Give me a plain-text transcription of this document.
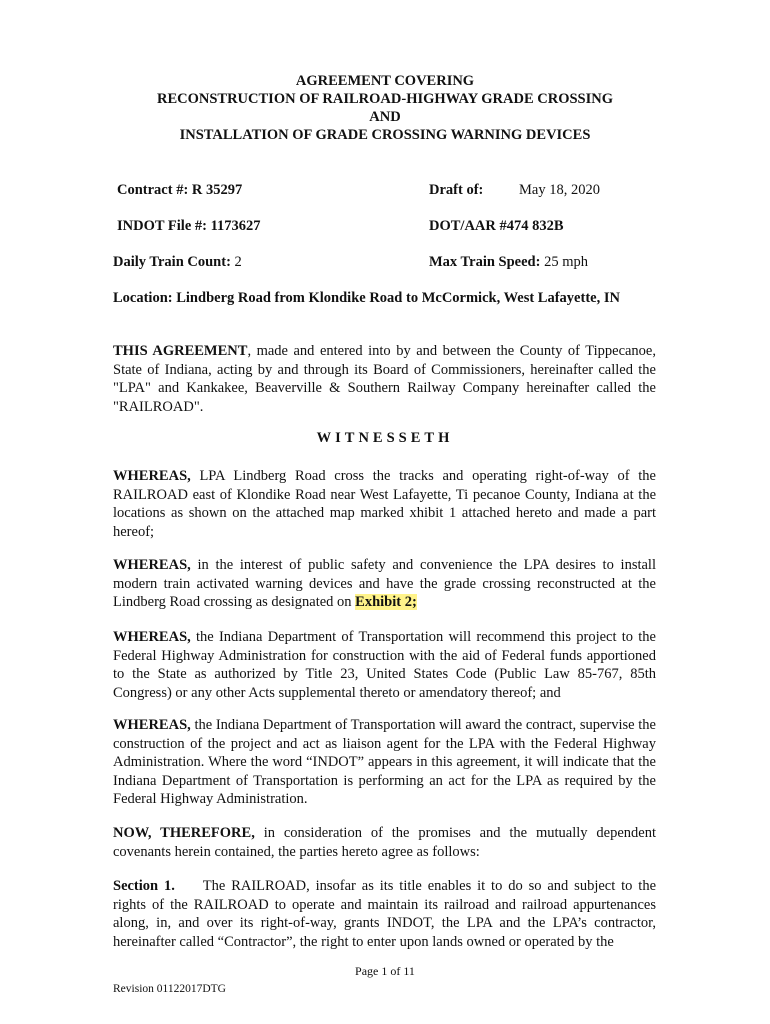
AGREEMENT COVERING
RECONSTRUCTION OF RAILROAD-HIGHWAY GRADE CROSSING
AND
INSTALLATION OF GRADE CROSSING WARNING DEVICES
Contract #: R 35297	Draft of: May 18, 2020
INDOT File #: 1173627	DOT/AAR #474 832B
Daily Train Count: 2	Max Train Speed: 25 mph
Location: Lindberg Road from Klondike Road to McCormick, West Lafayette, IN
THIS AGREEMENT, made and entered into by and between the County of Tippecanoe, State of Indiana, acting by and through its Board of Commissioners, hereinafter called the "LPA" and Kankakee, Beaverville & Southern Railway Company hereinafter called the "RAILROAD".
WITNESSETH
WHEREAS, LPA Lindberg Road cross the tracks and operating right-of-way of the RAILROAD east of Klondike Road near West Lafayette, Ti pecanoe County, Indiana at the locations as shown on the attached map marked xhibit 1 attached hereto and made a part hereof;
WHEREAS, in the interest of public safety and convenience the LPA desires to install modern train activated warning devices and have the grade crossing reconstructed at the Lindberg Road crossing as designated on Exhibit 2;
WHEREAS, the Indiana Department of Transportation will recommend this project to the Federal Highway Administration for construction with the aid of Federal funds apportioned to the State as authorized by Title 23, United States Code (Public Law 85-767, 85th Congress) or any other Acts supplemental thereto or amendatory thereof; and
WHEREAS, the Indiana Department of Transportation will award the contract, supervise the construction of the project and act as liaison agent for the LPA with the Federal Highway Administration. Where the word “INDOT” appears in this agreement, it will indicate that the Indiana Department of Transportation is performing an act for the LPA as required by the Federal Highway Administration.
NOW, THEREFORE, in consideration of the promises and the mutually dependent covenants herein contained, the parties hereto agree as follows:
Section 1. The RAILROAD, insofar as its title enables it to do so and subject to the rights of the RAILROAD to operate and maintain its railroad and railroad appurtenances along, in, and over its right-of-way, grants INDOT, the LPA and the LPA’s contractor, hereinafter called “Contractor”, the right to enter upon lands owned or operated by the
Page 1 of 11
Revision 01122017DTG
